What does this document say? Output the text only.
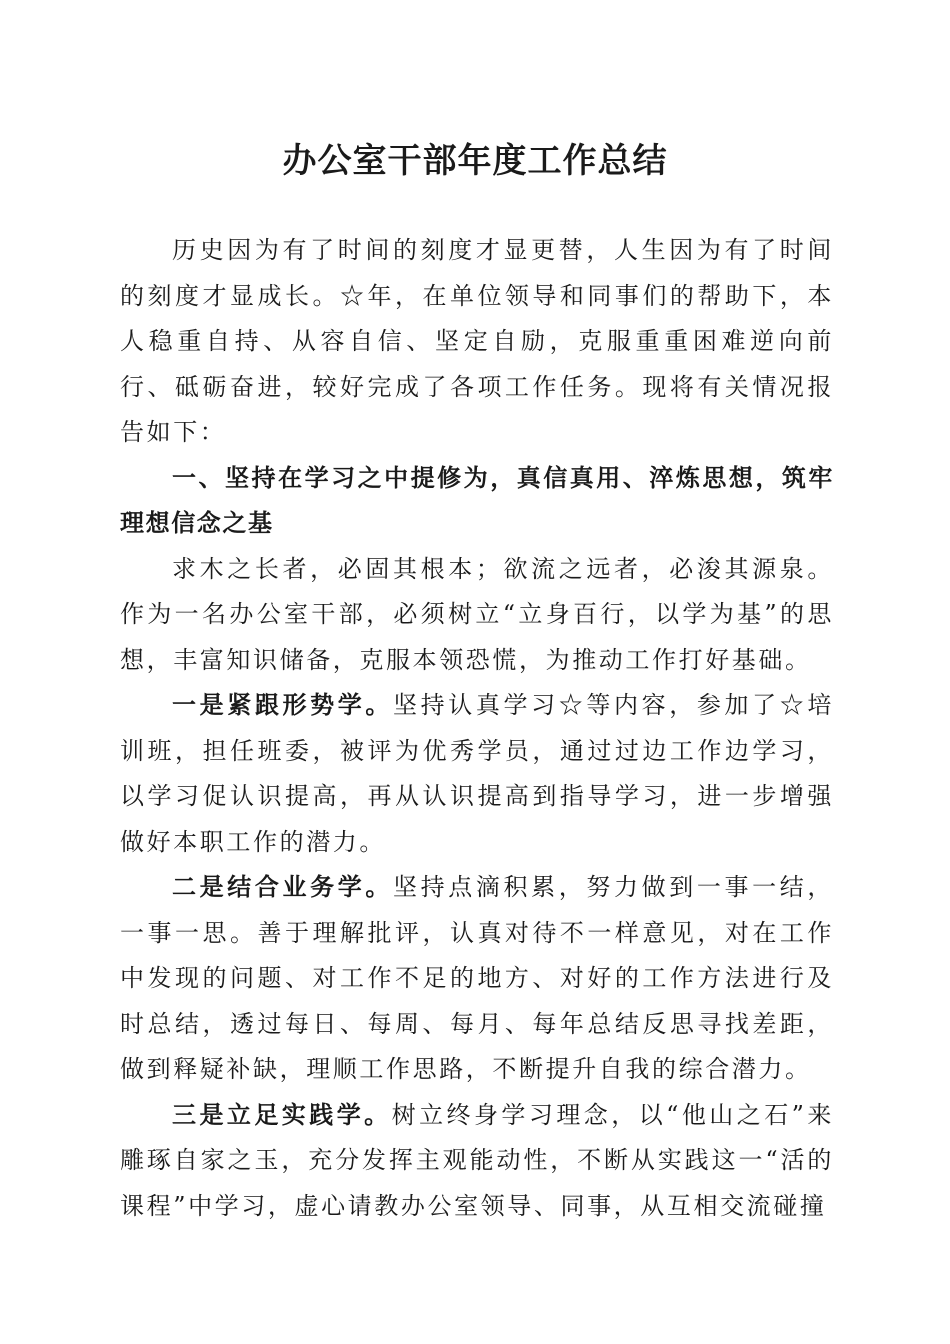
办公室干部年度工作总结

历史因为有了时间的刻度才显更替，人生因为有了时间的刻度才显成长。☆年，在单位领导和同事们的帮助下，本人稳重自持、从容自信、坚定自励，克服重重困难逆向前行、砥砺奋进，较好完成了各项工作任务。现将有关情况报告如下：

一、坚持在学习之中提修为，真信真用、淬炼思想，筑牢理想信念之基

求木之长者，必固其根本；欲流之远者，必浚其源泉。作为一名办公室干部，必须树立“立身百行，以学为基”的思想，丰富知识储备，克服本领恐慌，为推动工作打好基础。

一是紧跟形势学。坚持认真学习☆等内容，参加了☆培训班，担任班委，被评为优秀学员，通过过边工作边学习，以学习促认识提高，再从认识提高到指导学习，进一步增强做好本职工作的潜力。

二是结合业务学。坚持点滴积累，努力做到一事一结，一事一思。善于理解批评，认真对待不一样意见，对在工作中发现的问题、对工作不足的地方、对好的工作方法进行及时总结，透过每日、每周、每月、每年总结反思寻找差距，做到释疑补缺，理顺工作思路，不断提升自我的综合潜力。

三是立足实践学。树立终身学习理念，以“他山之石”来雕琢自家之玉，充分发挥主观能动性，不断从实践这一“活的课程”中学习，虚心请教办公室领导、同事，从互相交流碰撞
